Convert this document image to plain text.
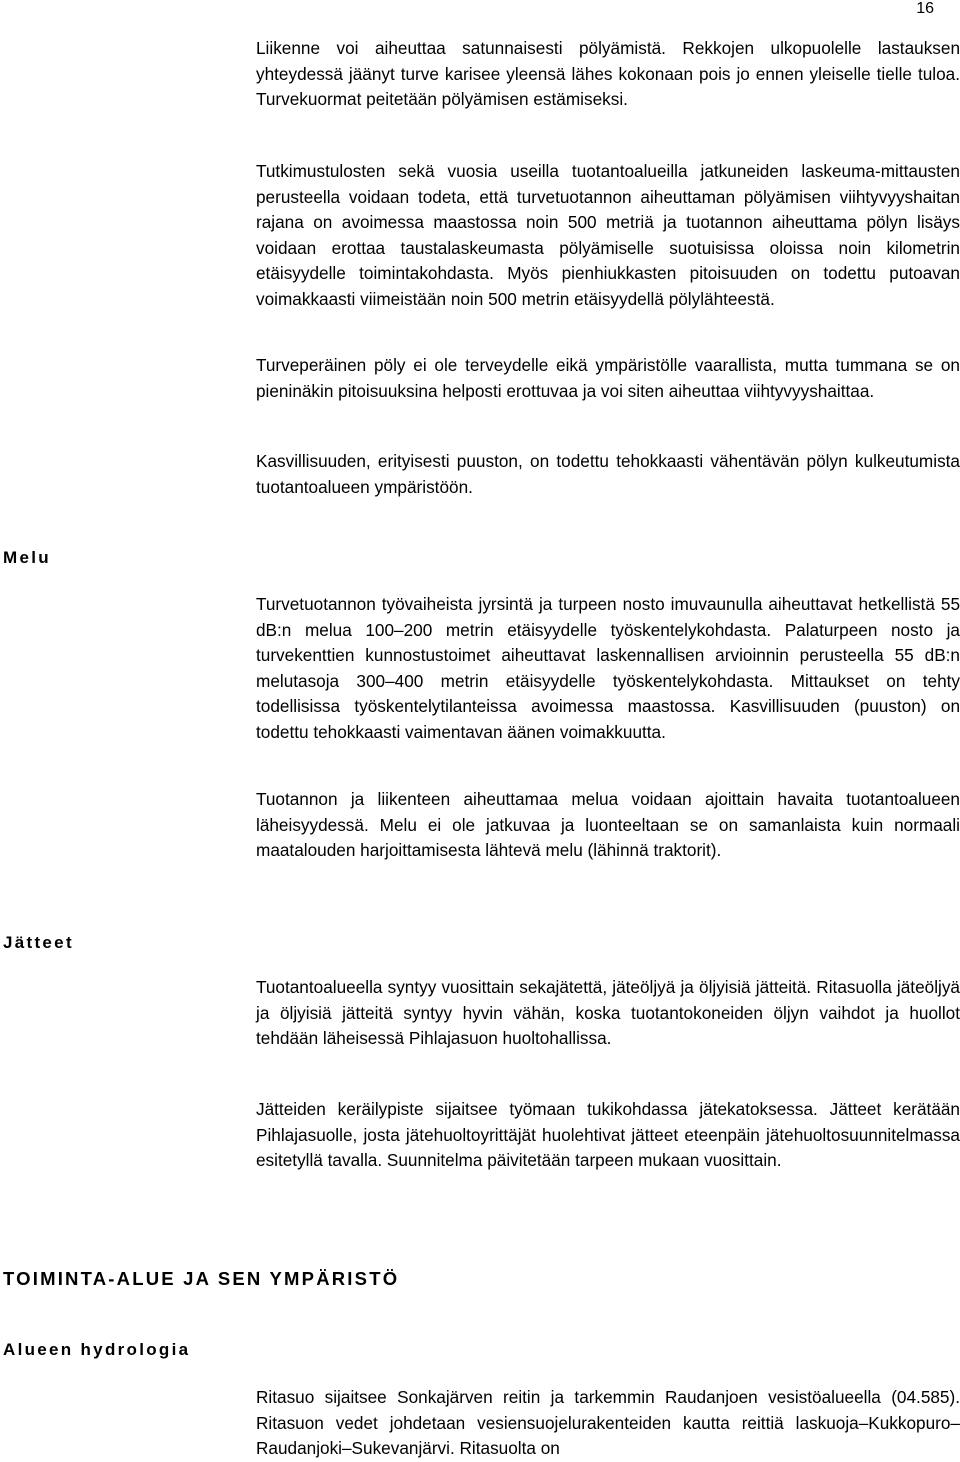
16

Liikenne voi aiheuttaa satunnaisesti pölyämistä. Rekkojen ulkopuolelle lastauksen yhteydessä jäänyt turve karisee yleensä lähes kokonaan pois jo ennen yleiselle tielle tuloa. Turvekuormat peitetään pölyämisen estämiseksi.

Tutkimustulosten sekä vuosia useilla tuotantoalueilla jatkuneiden laskeuma-mittausten perusteella voidaan todeta, että turvetuotannon aiheuttaman pölyämisen viihtyvyyshaitan rajana on avoimessa maastossa noin 500 metriä ja tuotannon aiheuttama pölyn lisäys voidaan erottaa taustalaskeumasta pölyämiselle suotuisissa oloissa noin kilometrin etäisyydelle toimintakohdasta. Myös pienhiukkasten pitoisuuden on todettu putoavan voimakkaasti viimeistään noin 500 metrin etäisyydellä pölylähteestä.

Turveperäinen pöly ei ole terveydelle eikä ympäristölle vaarallista, mutta tummana se on pieninäkin pitoisuuksina helposti erottuvaa ja voi siten aiheuttaa viihtyvyyshaittaa.

Kasvillisuuden, erityisesti puuston, on todettu tehokkaasti vähentävän pölyn kulkeutumista tuotantoalueen ympäristöön.

Melu

Turvetuotannon työvaiheista jyrsintä ja turpeen nosto imuvaunulla aiheuttavat hetkellistä 55 dB:n melua 100–200 metrin etäisyydelle työskentelykohdasta. Palaturpeen nosto ja turvekenttien kunnostustoimet aiheuttavat laskennallisen arvioinnin perusteella 55 dB:n melutasoja 300–400 metrin etäisyydelle työskentelykohdasta. Mittaukset on tehty todellisissa työskentelytilanteissa avoimessa maastossa. Kasvillisuuden (puuston) on todettu tehokkaasti vaimentavan äänen voimakkuutta.

Tuotannon ja liikenteen aiheuttamaa melua voidaan ajoittain havaita tuotantoalueen läheisyydessä. Melu ei ole jatkuvaa ja luonteeltaan se on samanlaista kuin normaali maatalouden harjoittamisesta lähtevä melu (lähinnä traktorit).

Jätteet

Tuotantoalueella syntyy vuosittain sekajätettä, jäteöljyä ja öljyisiä jätteitä. Ritasuolla jäteöljyä ja öljyisiä jätteitä syntyy hyvin vähän, koska tuotantokoneiden öljyn vaihdot ja huollot tehdään läheisessä Pihlajasuon huoltohallissa.

Jätteiden keräilypiste sijaitsee työmaan tukikohdassa jätekatoksessa. Jätteet kerätään Pihlajasuolle, josta jätehuoltoyrittäjät huolehtivat jätteet eteenpäin jätehuoltosuunnitelmassa esitetyllä tavalla. Suunnitelma päivitetään tarpeen mukaan vuosittain.

TOIMINTA-ALUE JA SEN YMPÄRISTÖ
Alueen hydrologia

Ritasuo sijaitsee Sonkajärven reitin ja tarkemmin Raudanjoen vesistöalueella (04.585). Ritasuon vedet johdetaan vesiensuojelurakenteiden kautta reittiä laskuoja–Kukkopuro–Raudanjoki–Sukevanjärvi. Ritasuolta on
